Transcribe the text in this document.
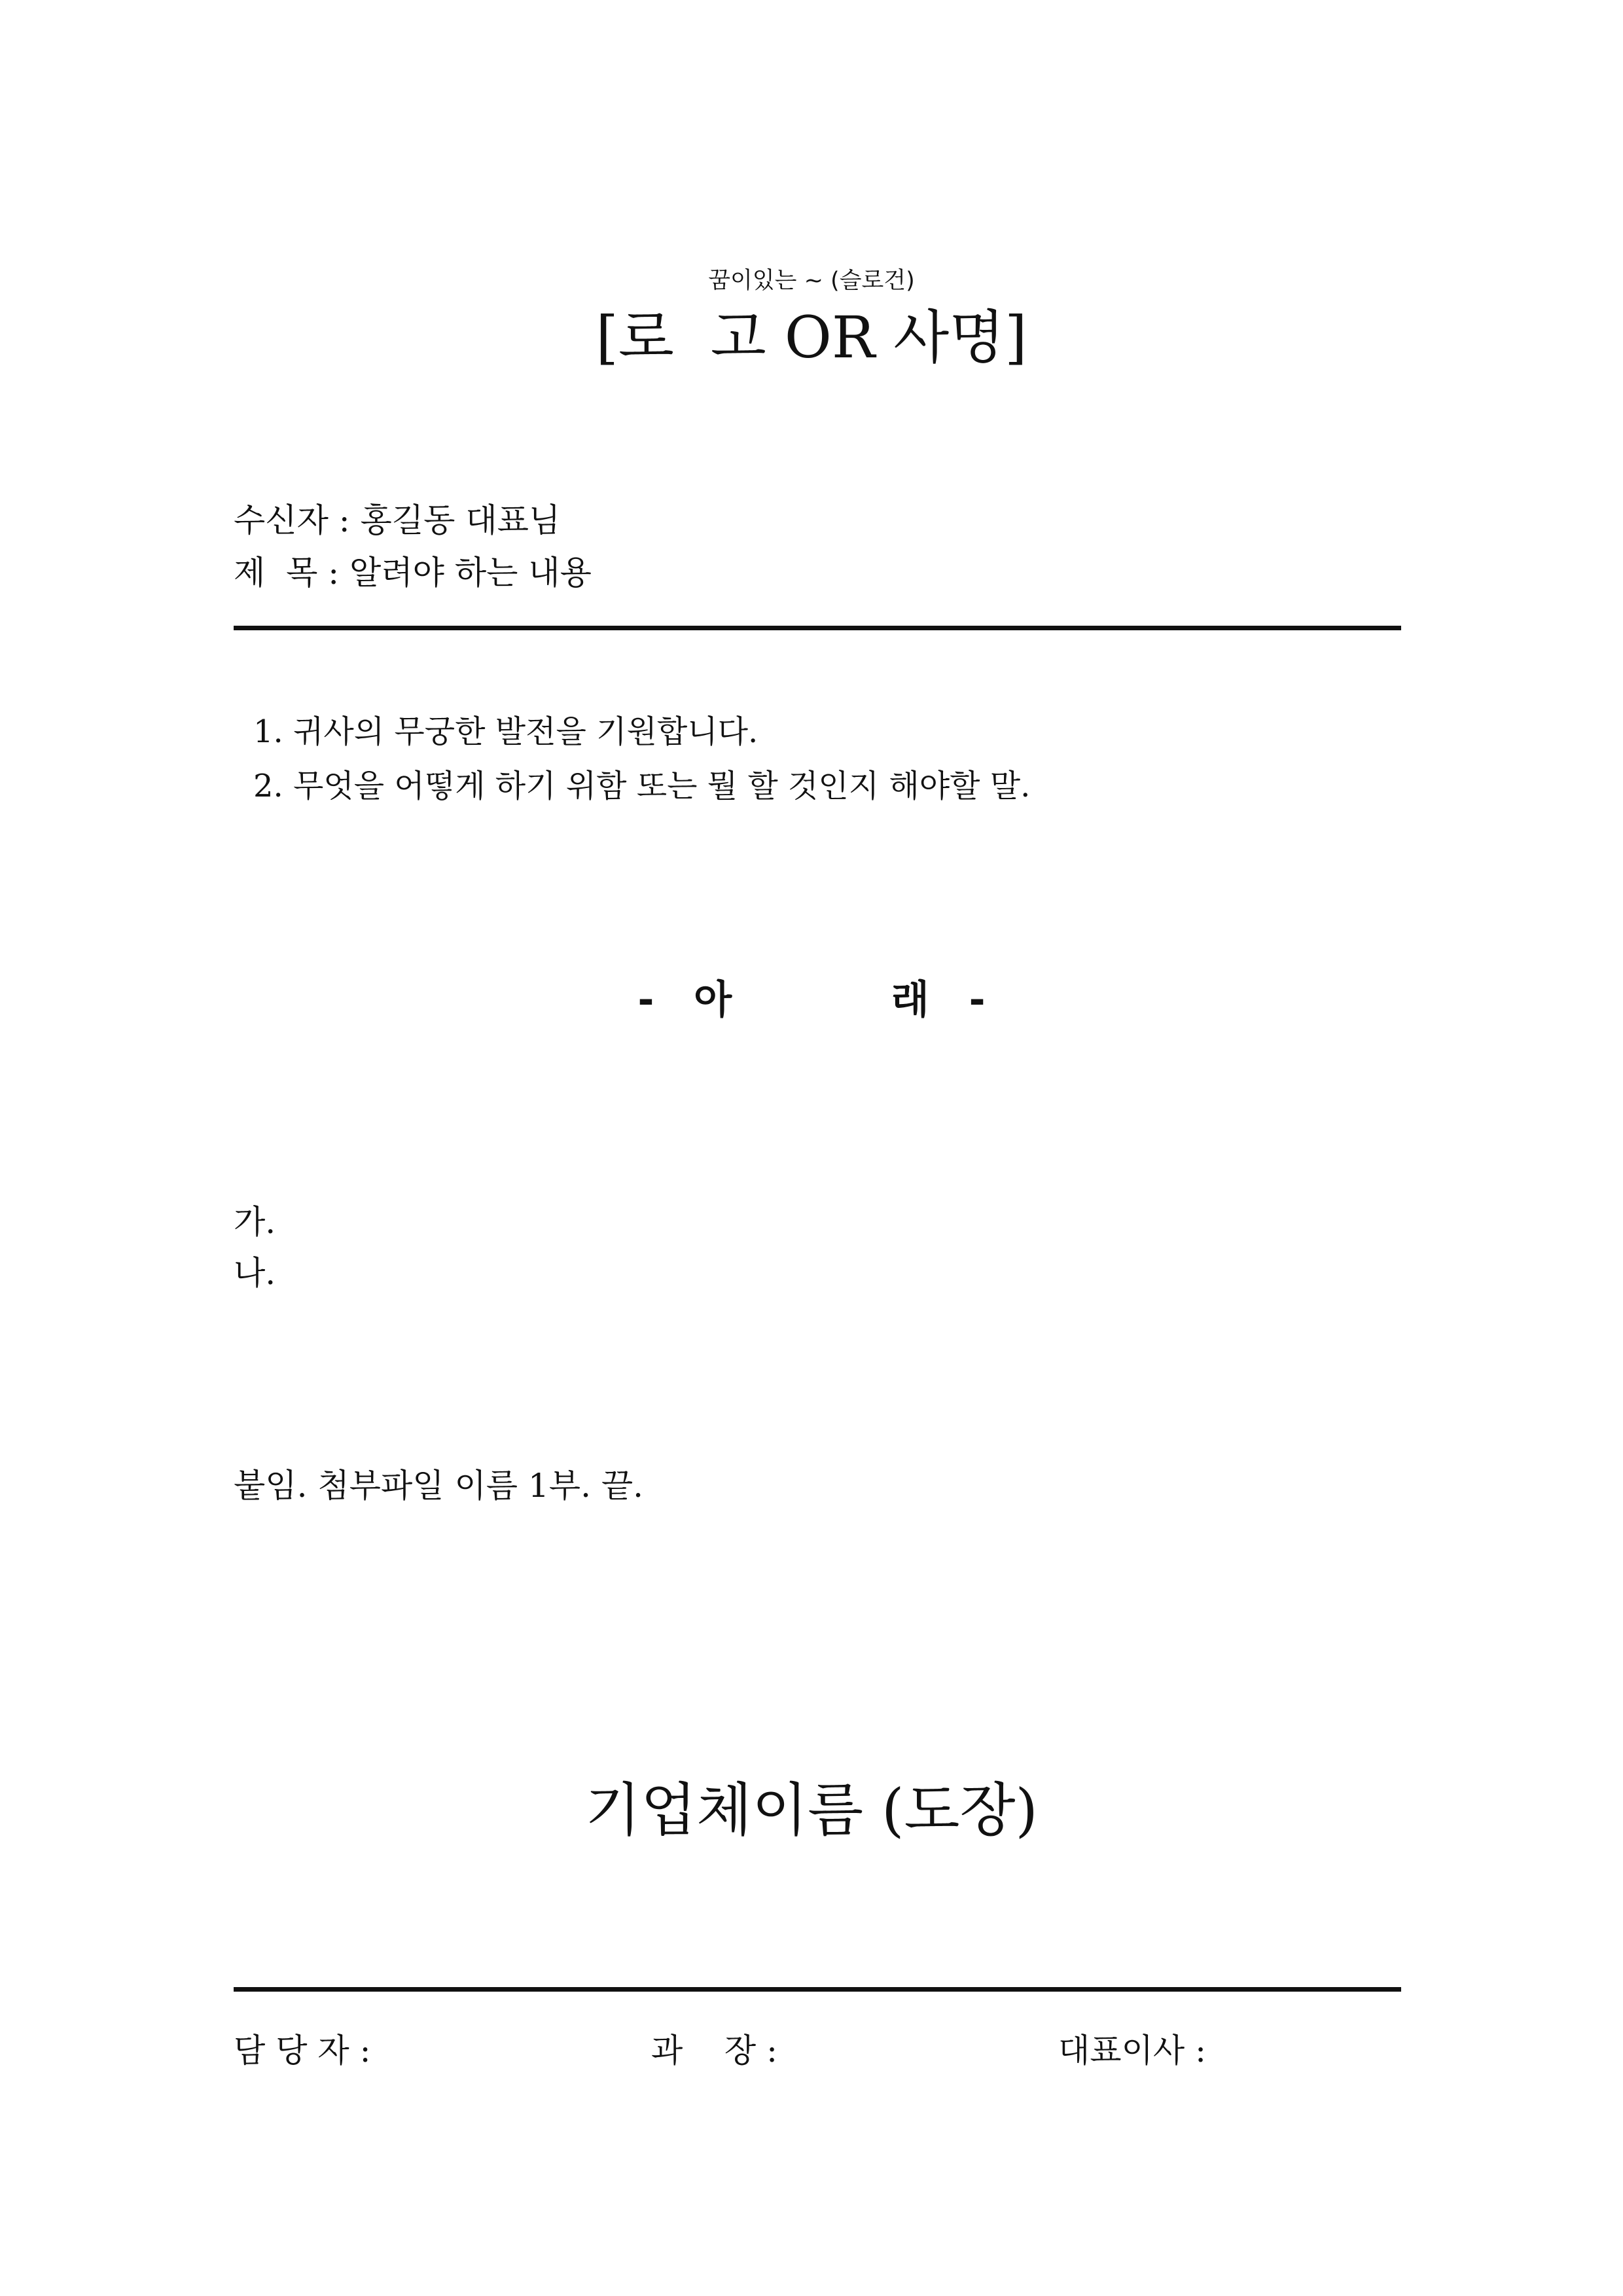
꿈이있는 ~ (슬로건)
[로  고 OR 사명]
수신자 : 홍길동 대표님
제  목 : 알려야 하는 내용
1. 귀사의 무궁한 발전을 기원합니다.
2. 무엇을 어떻게 하기 위함 또는 뭘 할 것인지 해야할 말.
- 아    래 -
가.
나.
붙임. 첨부파일 이름 1부. 끝.
기업체이름 (도장)
담 당 자 :	과    장 :	대표이사 :
